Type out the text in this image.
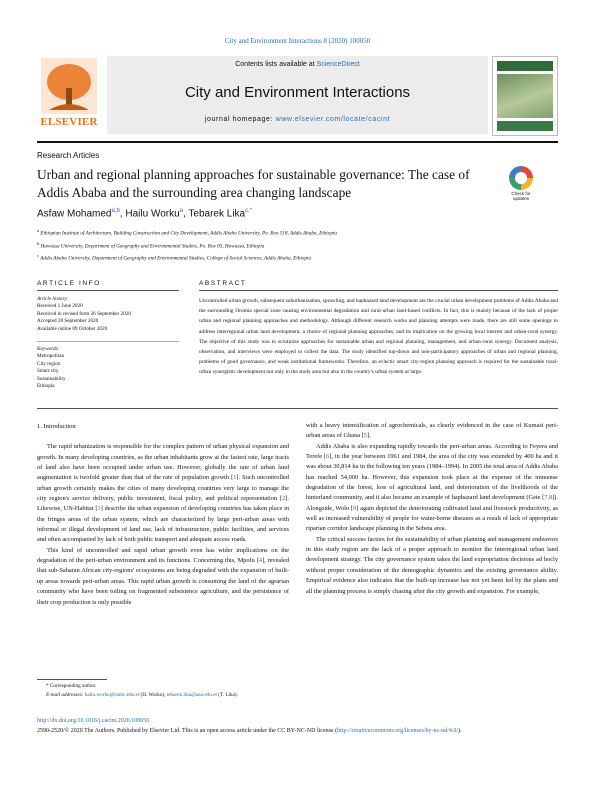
City and Environment Interactions 8 (2020) 100050
ELSEVIER
Contents lists available at ScienceDirect
City and Environment Interactions
journal homepage: www.elsevier.com/locate/cacint
Research Articles
Urban and regional planning approaches for sustainable governance: The case of Addis Ababa and the surrounding area changing landscape	Check for
updates
Asfaw Mohamed$^{a,b}$, Hailu Worku$^a$, Tebarek Lika$^{c,*}$
$^a$ Ethiopian Institute of Architecture, Building Construction and City Development, Addis Ababa University, Po. Box 518, Addis Ababa, Ethiopia
$^b$ Hawassa University, Department of Geography and Environmental Studies, Po. Box 05, Hawassa, Ethiopia
$^c$ Addis Ababa University, Department of Geography and Environmental Studies, College of Social Sciences, Addis Ababa, Ethiopia
ARTICLE INFO	ABSTRACT
Article history:
Received 1 June 2020
Received in revised form 26 September 2020
Accepted 28 September 2020
Available online 09 October 2020
Keywords:
Metropolitan
City region
Smart city
Sustainability
Ethiopia
Uncontrolled urban growth, subsequent suburbanization, sprawling, and haphazard land development are the crucial urban development problems of Addis Ababa and the surrounding Oromia special zone causing environmental degradation and rural-urban land-based conflicts. In fact, this is mainly because of the lack of proper urban and regional planning approaches and methodology. Although different research works and planning attempts were made, there are still some openings to address interregional urban land development, a choice of regional planning approaches, and its implication on the growing local interest and urban-rural synergy. The objective of this study was to scrutinize approaches for sustainable urban and regional planning, management, and urban-rural synergy. Document analysis, observation, and interviews were employed to collect the data. The study identified top-down and non-participatory approaches of urban and regional planning, problems of good governance, and weak institutional frameworks. Therefore, an eclectic smart city-region planning approach is required for the sustainable rural-urban synergistic development not only in the study area but also in the country's urban system at large.

1. Introduction

The rapid urbanization is responsible for the complex pattern of urban physical expansion and growth. In many developing countries, as the urban inhabitants grow at the fastest rate, large tracts of land also have been occupied under urban use. However, globally the rate of urban land augmentation is twofold greater than that of the rate of population growth [1]. Such uncontrolled urban growth certainly makes the cities of many developing countries very large to manage the city region's service delivery, public investment, fiscal policy, and political representation [2]. Likewise, UN-Habitat [3] describe the urban expansion of developing countries has taken place in the fringes areas of the urban system, which are characterized by large peri-urban areas with informal or illegal development of land use, lack of infrastructure, public facilities, and services and often accompanied by lack of both public transport and adequate access roads.

This kind of uncontrolled and rapid urban growth even has wider implications on the degradation of the peri-urban environment and its functions. Concerning this, Mpofu [4], revealed that sub-Saharan African city-regions' ecosystems are being degraded with the expansion of built-up areas towards peri-urban areas. This rapid urban growth is consuming the land of the agrarian community who have been toiling on fragmented subsistence agriculture, and the persistence of their crop production is only possible

with a heavy intensification of agrochemicals, as clearly evidenced in the case of Kumasi peri-urban areas of Ghana [5].

Addis Ababa is also expanding rapidly towards the peri-urban areas. According to Feyera and Terefe [6], in the year between 1961 and 1984, the area of the city was extended by 400 ha and it was about 30,814 ha in the following ten years (1984–1994). In 2005 the total area of Addis Ababa has reached 54,000 ha. However, this expansion took place at the expense of the immense degradation of the forest, loss of agricultural land, and deterioration of the livelihoods of the hinterland community, and it also became an example of haphazard land development (Gete [7,8]). Alongside, Wolu [9] again depicted the deteriorating cultivated land and livestock productivity, as well as increased vulnerability of people for water-borne diseases as a result of lack of appropriate riparian corridor landscape planning in the Sebeta area.

The critical success factors for the sustainability of urban planning and management endeavors in this study region are the lack of a proper approach to monitor the interregional urban land development strategy. The city governance system takes the land expropriation decisions ad hocly without proper consideration of the demographic dynamics and the existing governance ability. Empirical evidence also indicates that the built-up increase has not yet been led by the plans and all the planning process is simply chasing after the city growth and expansion. For example,

* Corresponding author.
E-mail addresses: hailu.worku@eiabc.edu.et (H. Worku), tebarek.lika@aau.edu.et (T. Lika).
http://dx.doi.org/10.1016/j.cacint.2020.100050
2590-2520/© 2020 The Authors. Published by Elsevier Ltd. This is an open access article under the CC BY-NC-ND license (http://creativecommons.org/licenses/by-nc-nd/4.0/).
